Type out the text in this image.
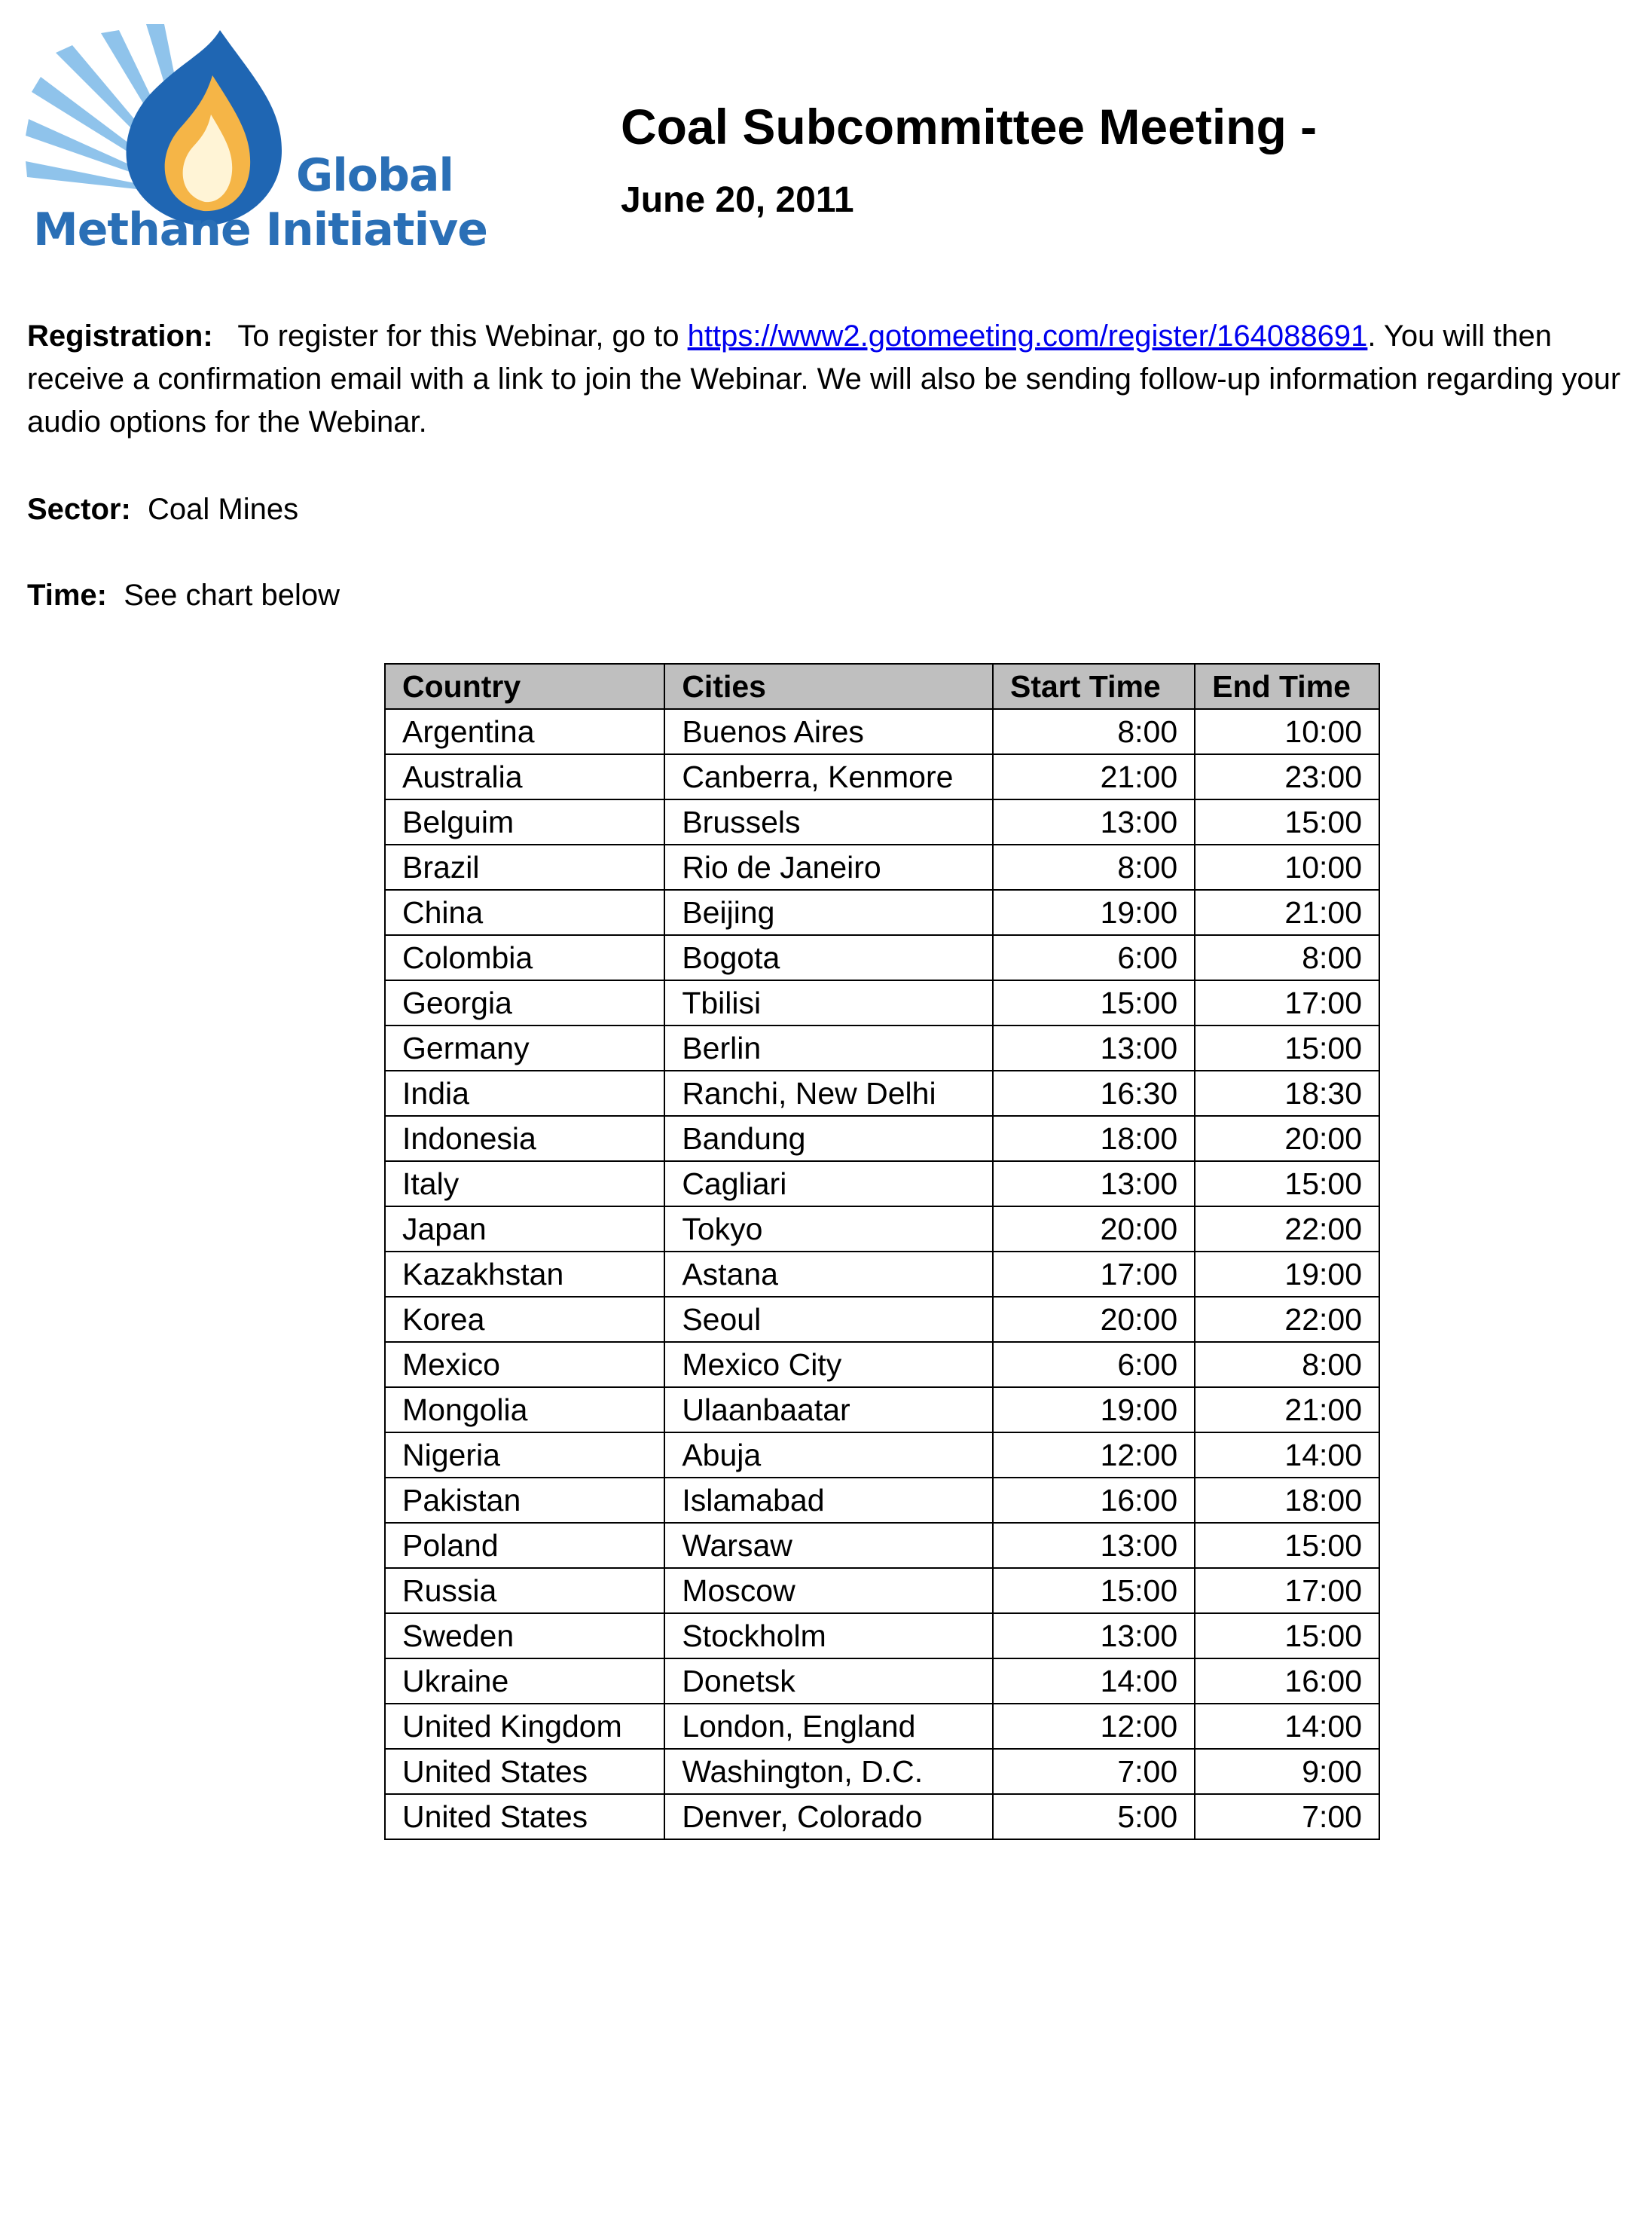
Global
Methane Initiative

Coal Subcommittee Meeting -

June 20, 2011

Registration: To register for this Webinar, go to https://www2.gotomeeting.com/register/164088691. You will then receive a confirmation email with a link to join the Webinar. We will also be sending follow-up information regarding your audio options for the Webinar.

Sector: Coal Mines

Time: See chart below

Country	Cities	Start Time	End Time
Argentina	Buenos Aires	8:00	10:00
Australia	Canberra, Kenmore	21:00	23:00
Belguim	Brussels	13:00	15:00
Brazil	Rio de Janeiro	8:00	10:00
China	Beijing	19:00	21:00
Colombia	Bogota	6:00	8:00
Georgia	Tbilisi	15:00	17:00
Germany	Berlin	13:00	15:00
India	Ranchi, New Delhi	16:30	18:30
Indonesia	Bandung	18:00	20:00
Italy	Cagliari	13:00	15:00
Japan	Tokyo	20:00	22:00
Kazakhstan	Astana	17:00	19:00
Korea	Seoul	20:00	22:00
Mexico	Mexico City	6:00	8:00
Mongolia	Ulaanbaatar	19:00	21:00
Nigeria	Abuja	12:00	14:00
Pakistan	Islamabad	16:00	18:00
Poland	Warsaw	13:00	15:00
Russia	Moscow	15:00	17:00
Sweden	Stockholm	13:00	15:00
Ukraine	Donetsk	14:00	16:00
United Kingdom	London, England	12:00	14:00
United States	Washington, D.C.	7:00	9:00
United States	Denver, Colorado	5:00	7:00
